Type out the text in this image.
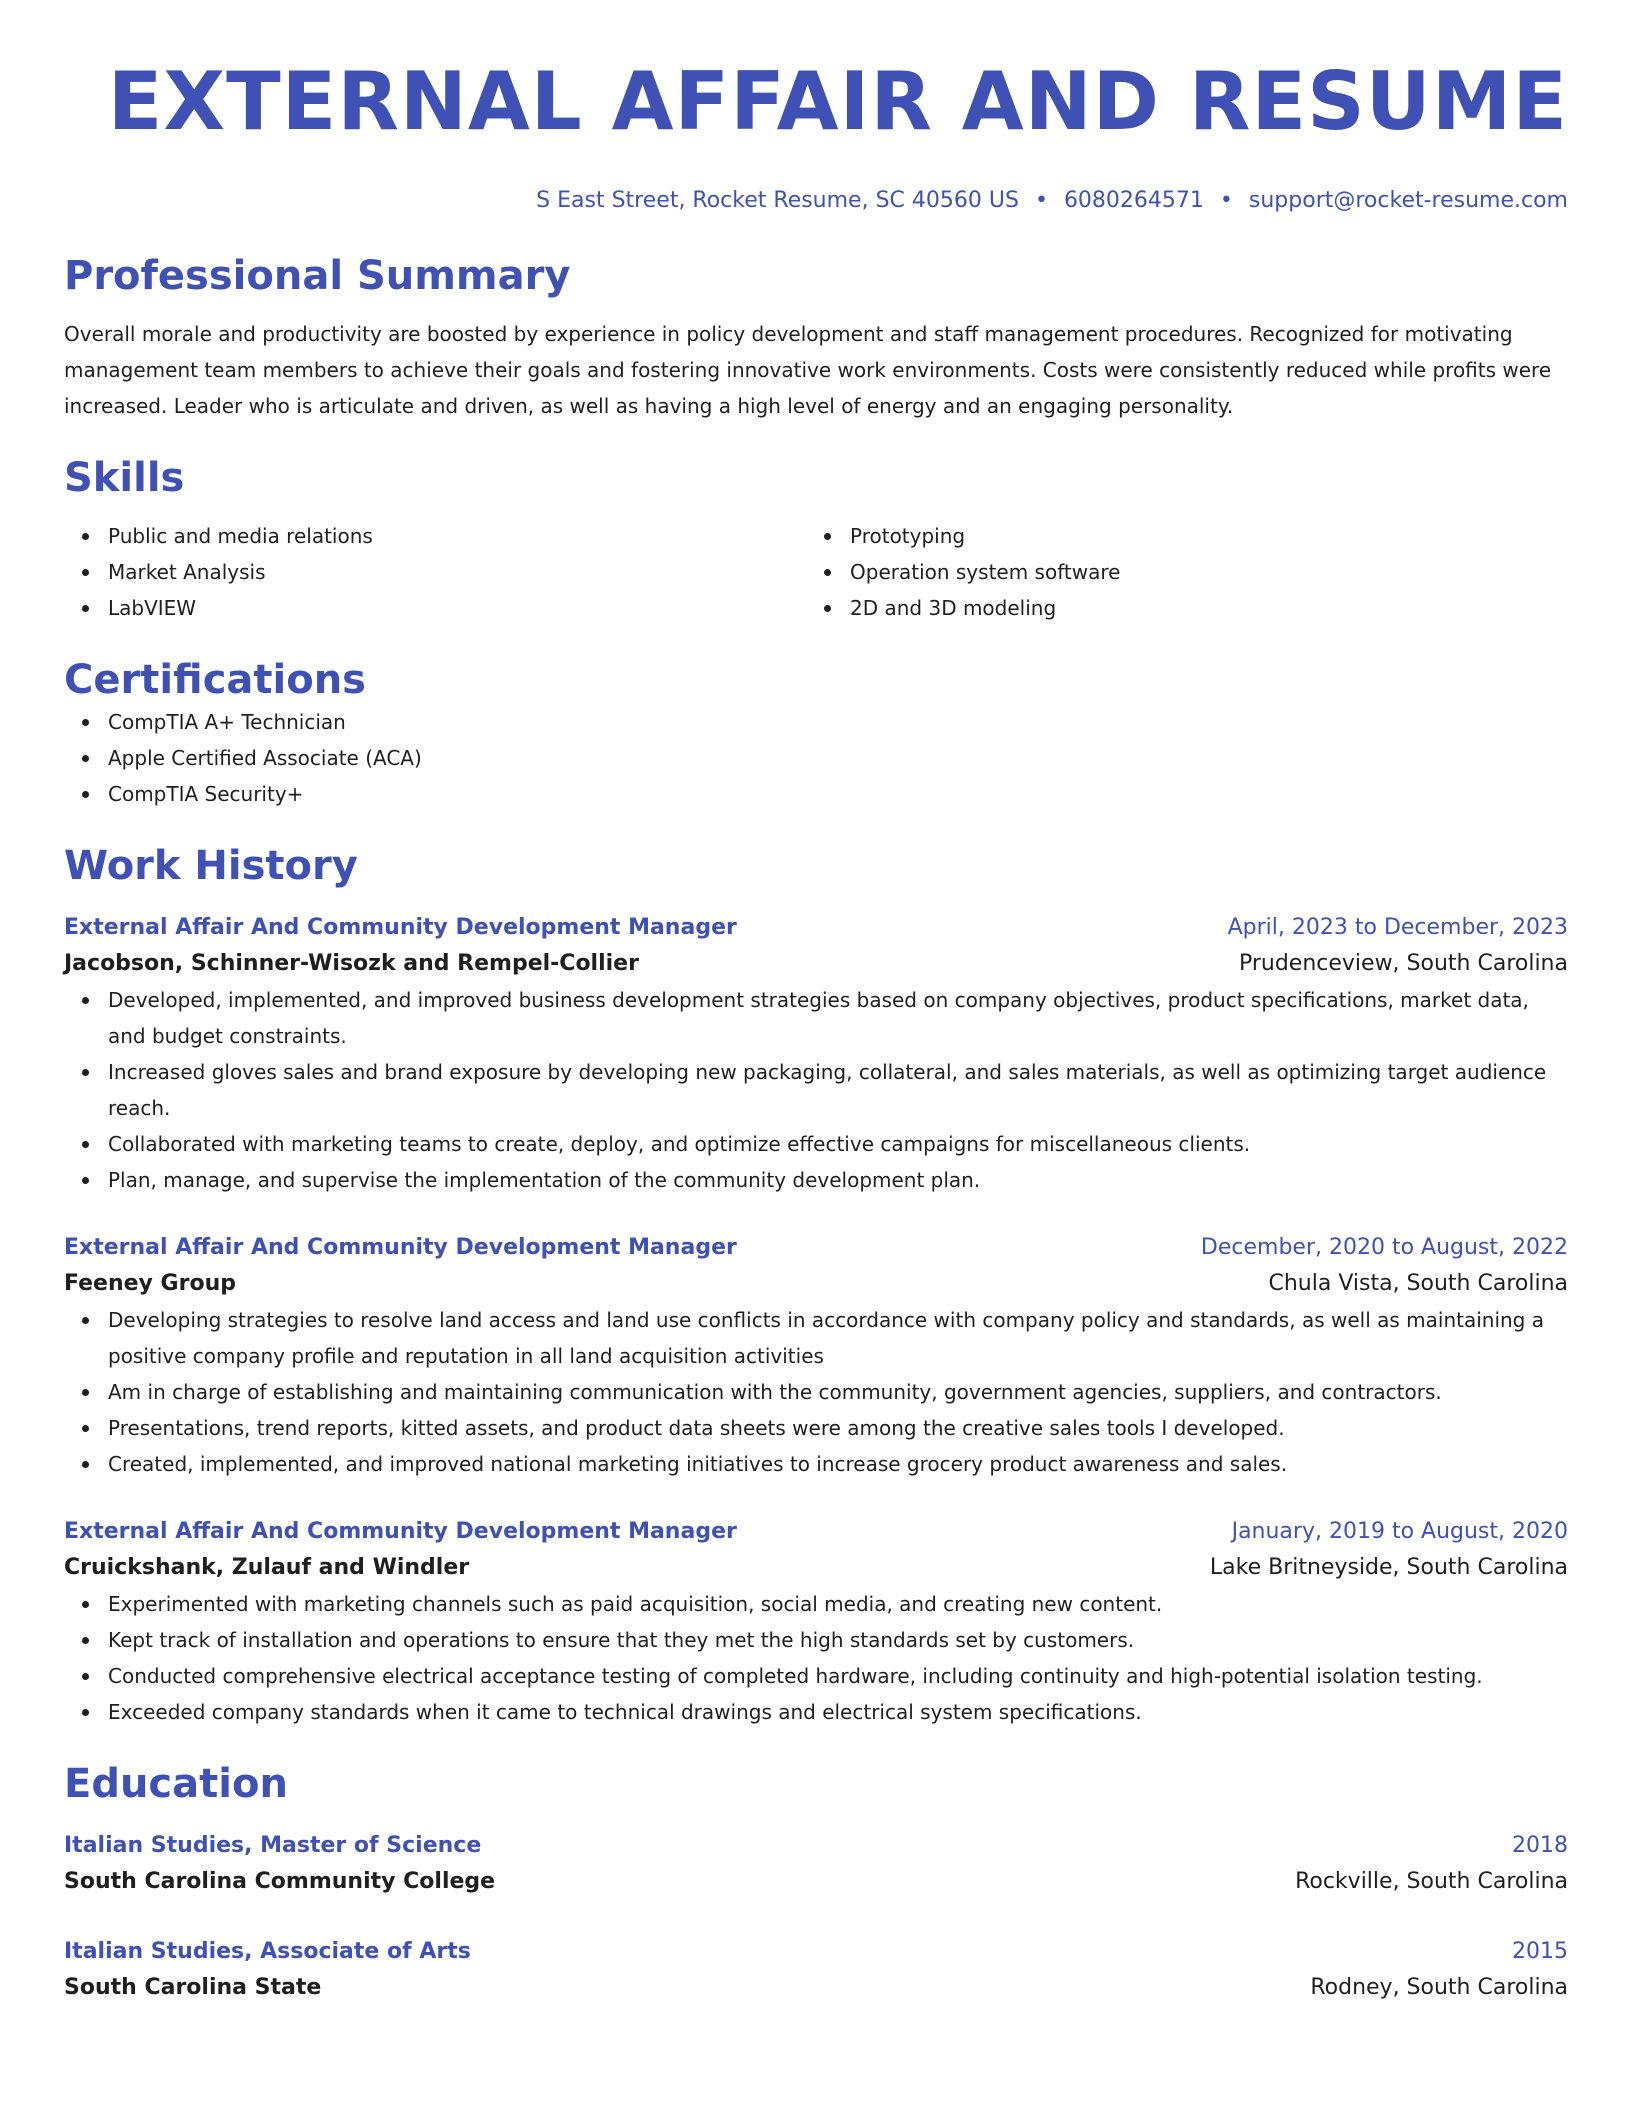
EXTERNAL AFFAIR AND RESUME
S East Street, Rocket Resume, SC 40560 US • 6080264571 • support@rocket-resume.com
Professional Summary

Overall morale and productivity are boosted by experience in policy development and staff management procedures. Recognized for motivating management team members to achieve their goals and fostering innovative work environments. Costs were consistently reduced while profits were increased. Leader who is articulate and driven, as well as having a high level of energy and an engaging personality.

Skills
Public and media relations
Market Analysis
LabVIEW
Prototyping
Operation system software
2D and 3D modeling
Certifications
CompTIA A+ Technician
Apple Certified Associate (ACA)
CompTIA Security+
Work History
External Affair And Community Development Manager	April, 2023 to December, 2023
Jacobson, Schinner-Wisozk and Rempel-Collier	Prudenceview, South Carolina
Developed, implemented, and improved business development strategies based on company objectives, product specifications, market data, and budget constraints.
Increased gloves sales and brand exposure by developing new packaging, collateral, and sales materials, as well as optimizing target audience reach.
Collaborated with marketing teams to create, deploy, and optimize effective campaigns for miscellaneous clients.
Plan, manage, and supervise the implementation of the community development plan.
External Affair And Community Development Manager	December, 2020 to August, 2022
Feeney Group	Chula Vista, South Carolina
Developing strategies to resolve land access and land use conflicts in accordance with company policy and standards, as well as maintaining a positive company profile and reputation in all land acquisition activities
Am in charge of establishing and maintaining communication with the community, government agencies, suppliers, and contractors.
Presentations, trend reports, kitted assets, and product data sheets were among the creative sales tools I developed.
Created, implemented, and improved national marketing initiatives to increase grocery product awareness and sales.
External Affair And Community Development Manager	January, 2019 to August, 2020
Cruickshank, Zulauf and Windler	Lake Britneyside, South Carolina
Experimented with marketing channels such as paid acquisition, social media, and creating new content.
Kept track of installation and operations to ensure that they met the high standards set by customers.
Conducted comprehensive electrical acceptance testing of completed hardware, including continuity and high-potential isolation testing.
Exceeded company standards when it came to technical drawings and electrical system specifications.
Education
Italian Studies, Master of Science	2018
South Carolina Community College	Rockville, South Carolina
Italian Studies, Associate of Arts	2015
South Carolina State	Rodney, South Carolina
